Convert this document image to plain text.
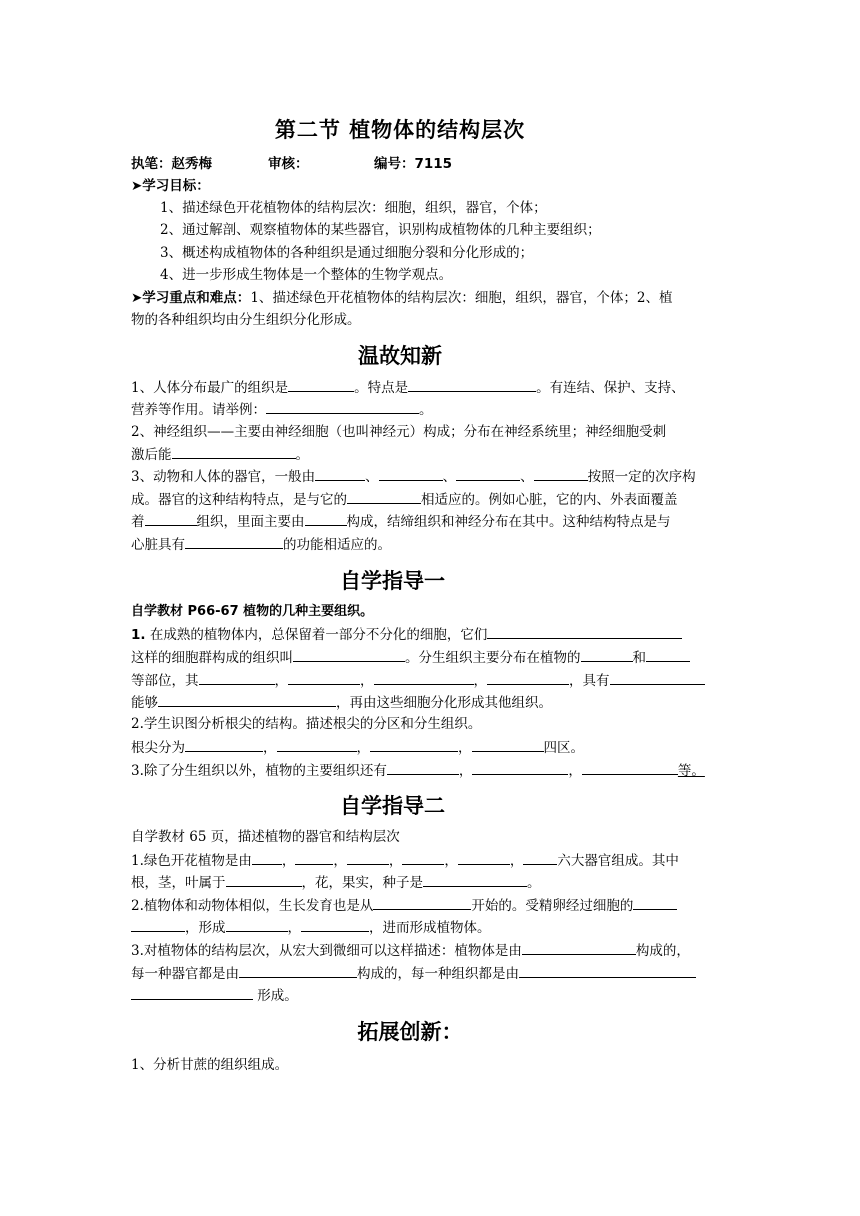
第二节 植物体的结构层次
执笔：赵秀梅	审核：	编号：7115
➤学习目标：
1、描述绿色开花植物体的结构层次：细胞，组织，器官，个体；
2、通过解剖、观察植物体的某些器官，识别构成植物体的几种主要组织；
3、概述构成植物体的各种组织是通过细胞分裂和分化形成的；
4、进一步形成生物体是一个整体的生物学观点。
➤学习重点和难点：1、描述绿色开花植物体的结构层次：细胞，组织，器官，个体；2、植
物的各种组织均由分生组织分化形成。
温故知新
1、人体分布最广的组织是	。特点是	。有连结、保护、支持、
营养等作用。请举例：	。
2、神经组织——主要由神经细胞（也叫神经元）构成；分布在神经系统里；神经细胞受刺
激后能	。
3、动物和人体的器官，一般由	、	、	、	按照一定的次序构
成。器官的这种结构特点，是与它的	相适应的。例如心脏，它的内、外表面覆盖
着	组织，里面主要由	构成，结缔组织和神经分布在其中。这种结构特点是与
心脏具有	的功能相适应的。
自学指导一
自学教材 P66-67 植物的几种主要组织。
1. 在成熟的植物体内，总保留着一部分不分化的细胞，它们
这样的细胞群构成的组织叫	。分生组织主要分布在植物的	和
等部位，其	，	，	，	，具有
能够	，再由这些细胞分化形成其他组织。
2.学生识图分析根尖的结构。描述根尖的分区和分生组织。
根尖分为	，	，	，	四区。
3.除了分生组织以外，植物的主要组织还有	，	，	等。
自学指导二
自学教材 65 页，描述植物的器官和结构层次
1.绿色开花植物是由 ，	，	，	，	，	六大器官组成。其中
根，茎，叶属于	，花，果实，种子是	。
2.植物体和动物体相似，生长发育也是从	开始的。受精卵经过细胞的
，形成	，	，进而形成植物体。
3.对植物体的结构层次，从宏大到微细可以这样描述：植物体是由	构成的，
每一种器官都是由	构成的，每一种组织都是由
形成。
拓展创新：
1、分析甘蔗的组织组成。
